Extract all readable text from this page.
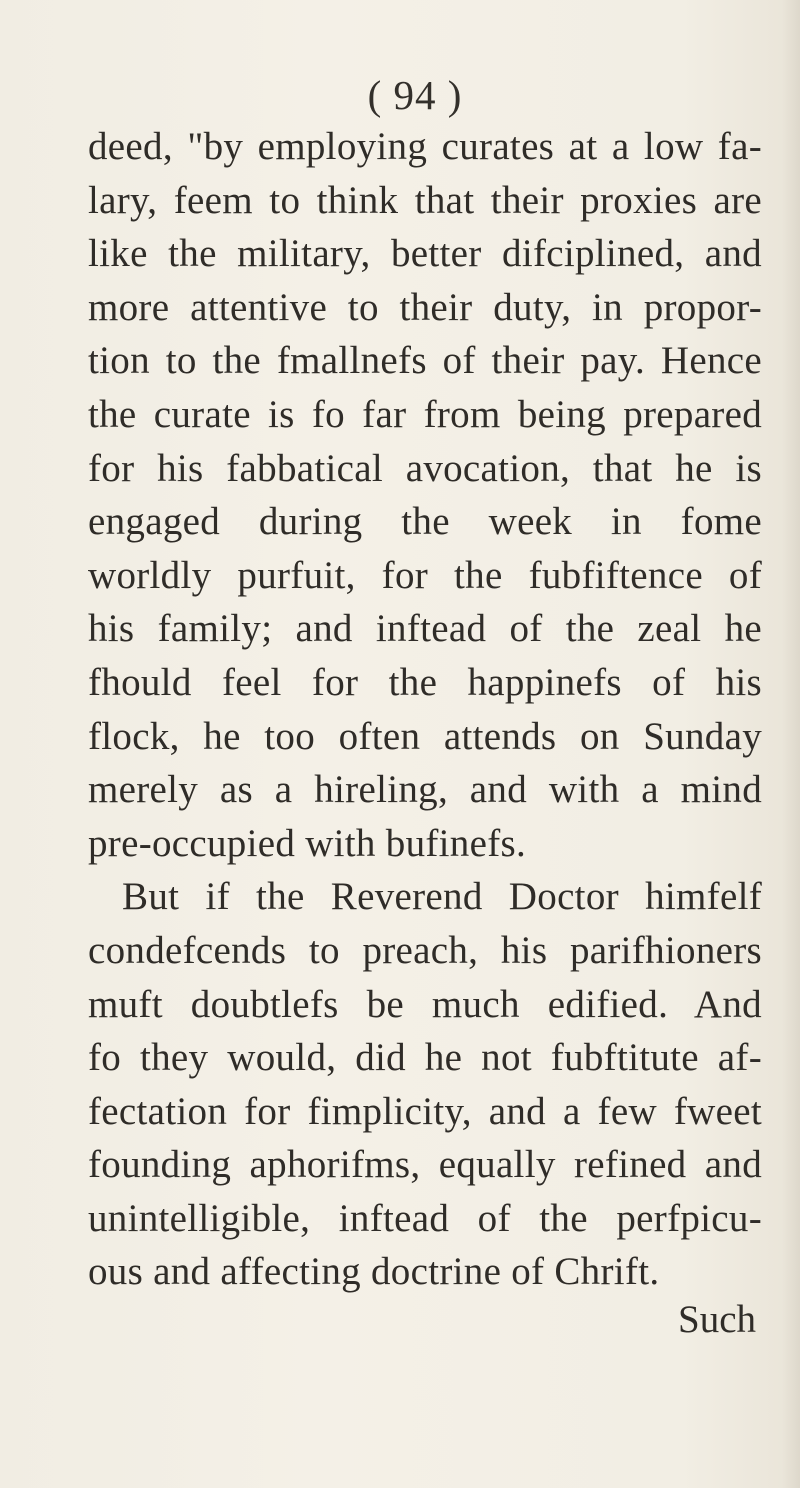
( 94 )
deed, "by employing curates at a low fa-
lary, feem to think that their proxies are
like the military, better difciplined, and
more attentive to their duty, in propor-
tion to the fmallnefs of their pay. Hence
the curate is fo far from being prepared
for his fabbatical avocation, that he is
engaged during the week in fome
worldly purfuit, for the fubfiftence of
his family; and inftead of the zeal he
fhould feel for the happinefs of his
flock, he too often attends on Sunday
merely as a hireling, and with a mind
pre-occupied with bufinefs.
But if the Reverend Doctor himfelf
condefcends to preach, his parifhioners
muft doubtlefs be much edified. And
fo they would, did he not fubftitute af-
fectation for fimplicity, and a few fweet
founding aphorifms, equally refined and
unintelligible, inftead of the perfpicu-
ous and affecting doctrine of Chrift.
Such
